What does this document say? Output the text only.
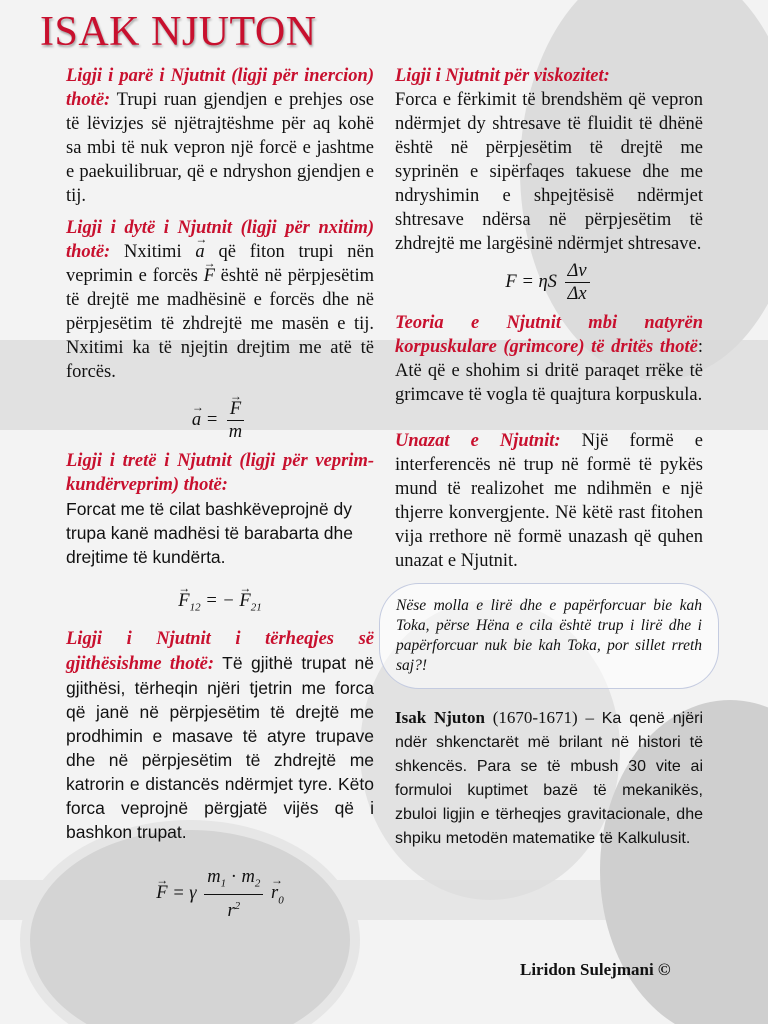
ISAK NJUTON

Ligji i parë i Njutnit (ligji për inercion) thotë: Trupi ruan gjendjen e prehjes ose të lëvizjes së njëtrajtëshme për aq kohë sa mbi të nuk vepron një forcë e jashtme e paekuilibruar, që e ndryshon gjendjen e tij.

Ligji i dytë i Njutnit (ligji për nxitim) thotë: Nxitimi → a që fiton trupi nën veprimin e forcës → F është në përpjesëtim të drejtë me madhësinë e forcës dhe në përpjesëtim të zhdrejtë me masën e tij. Nxitimi ka të njejtin drejtim me atë të forcës.

→ a =
→ $\frac{F}{m}$

Ligji i tretë i Njutnit (ligji për veprim-kundërveprim) thotë:

Forcat me të cilat bashkëveprojnë dy trupa kanë madhësi të barabarta dhe drejtime të kundërta.

→ $F_{12}$ = − → $F_{21}$

Ligji i Njutnit i tërheqjes së gjithësishme thotë: Të gjithë trupat në gjithësi, tërheqin njëri tjetrin me forca që janë në përpjesëtim të drejtë me prodhimin e masave të atyre trupave dhe në përpjesëtim të zhdrejtë me katrorin e distancës ndërmjet tyre. Këto forca veprojnë përgjatë vijës që i bashkon trupat.

→ F = γ $\frac{m_1 \cdot m_2}{r^2}$
→ $r_0$

Ligji i Njutnit për viskozitet:
Forca e fërkimit të brendshëm që vepron ndërmjet dy shtresave të fluidit të dhënë është në përpjesëtim të drejtë me syprinën e sipërfaqes takuese dhe me ndryshimin e shpejtësisë ndërmjet shtresave ndërsa në përpjesëtim të zhdrejtë me largësinë ndërmjet shtresave.

F = ηS $\frac{\Delta v}{\Delta x}$

Teoria e Njutnit mbi natyrën korpuskulare (grimcore) të dritës thotë: Atë që e shohim si dritë paraqet rrëke të grimcave të vogla të quajtura korpuskula.

Unazat e Njutnit: Një formë e interferencës në trup në formë të pykës mund të realizohet me ndihmën e një thjerre konvergjente. Në këtë rast fitohen vija rrethore në formë unazash që quhen unazat e Njutnit.

Nëse molla e lirë dhe e papërforcuar bie kah Toka, përse Hëna e cila është trup i lirë dhe i papërforcuar nuk bie kah Toka, por sillet rreth saj?!

Isak Njuton (1670-1671) – Ka qenë njëri ndër shkenctarët më brilant në histori të shkencës. Para se të mbush 30 vite ai formuloi kuptimet bazë të mekanikës, zbuloi ligjin e tërheqjes gravitacionale, dhe shpiku metodën matematike të Kalkulusit.

Liridon Sulejmani ©
